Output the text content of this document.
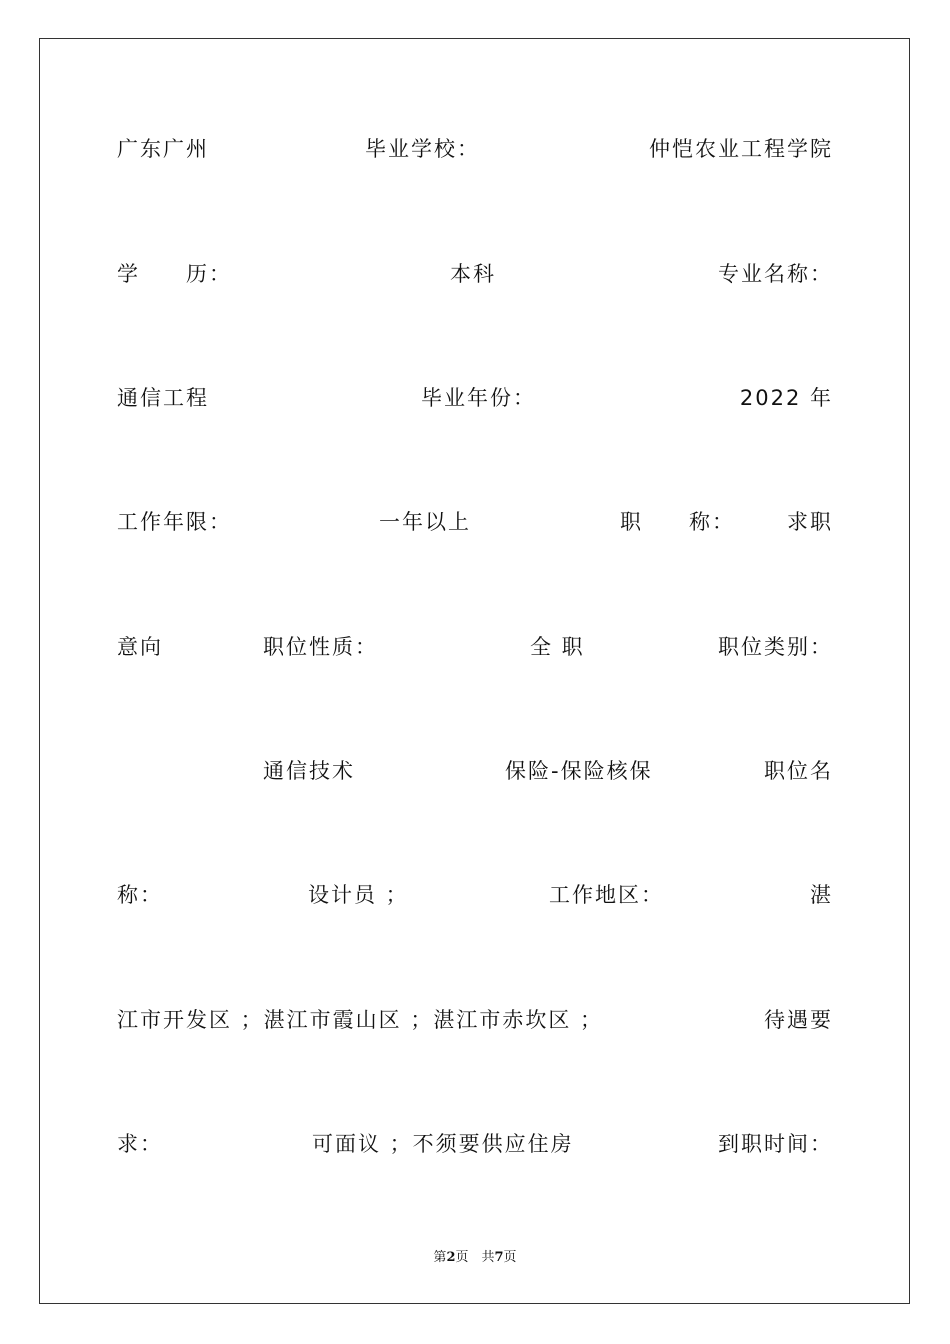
广东广州	毕业学校：	仲恺农业工程学院
学　　历：	本科	专业名称：
通信工程	毕业年份：	2022 年
工作年限：	一年以上	职　　称： 求职
意向	职位性质：	全 职	职位类别：
通信技术	保险-保险核保	职位名
称：	设计员 ；	工作地区：	湛
江市开发区 ；湛江市霞山区 ；湛江市赤坎区 ；	待遇要
求：	可面议 ；不须要供应住房	到职时间：
第2页　共7页
